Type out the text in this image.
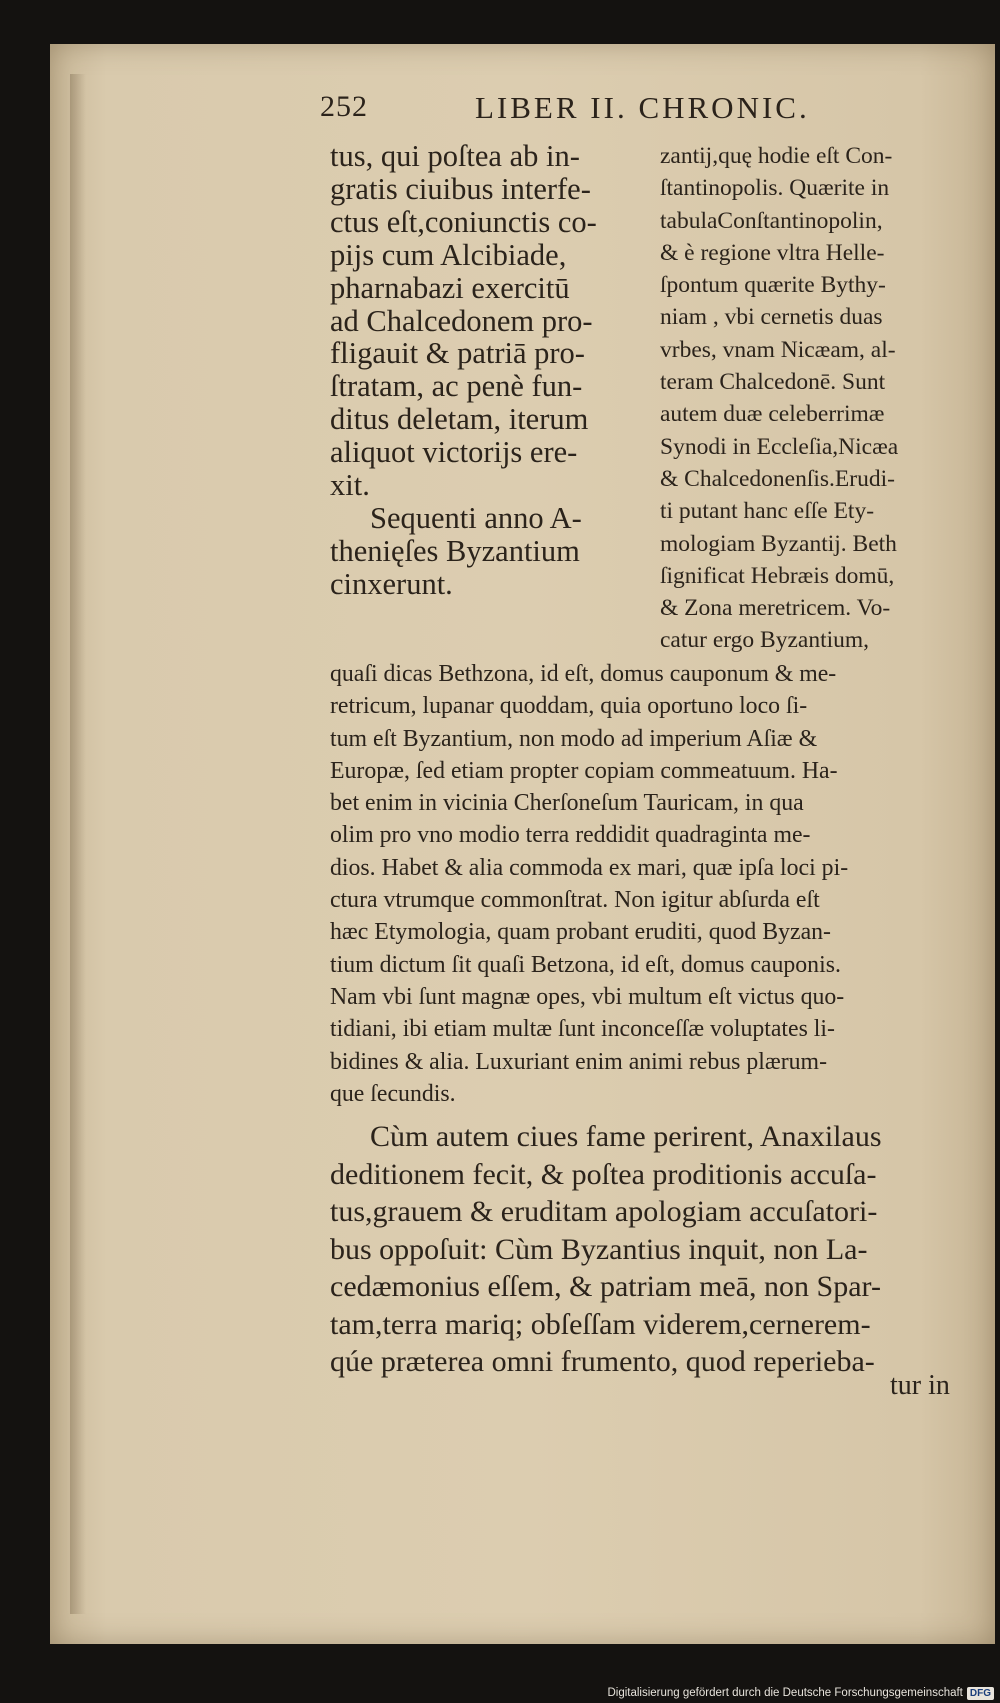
252	LIBER II. CHRONIC.
tus, qui poſtea ab in-
gratis ciuibus interfe-
ctus eſt,coniunctis co-
pijs cum Alcibiade,
pharnabazi exercitū
ad Chalcedonem pro-
fligauit & patriā pro-
ſtratam, ac penè fun-
ditus deletam, iterum
aliquot victorijs ere-
xit.
Sequenti anno A-
thenięſes Byzantium
cinxerunt.
zantij,quę hodie eſt Con-
ſtantinopolis. Quærite in
tabulaConſtantinopolin,
& è regione vltra Helle-
ſpontum quærite Bythy-
niam , vbi cernetis duas
vrbes, vnam Nicæam, al-
teram Chalcedonē. Sunt
autem duæ celeberrimæ
Synodi in Eccleſia,Nicæa
& Chalcedonenſis.Erudi-
ti putant hanc eſſe Ety-
mologiam Byzantij. Beth
ſignificat Hebræis domū,
& Zona meretricem. Vo-
catur ergo Byzantium,
quaſi dicas Bethzona, id eſt, domus cauponum & me-
retricum, lupanar quoddam, quia oportuno loco ſi-
tum eſt Byzantium, non modo ad imperium Aſiæ &
Europæ, ſed etiam propter copiam commeatuum. Ha-
bet enim in vicinia Cherſoneſum Tauricam, in qua
olim pro vno modio terra reddidit quadraginta me-
dios. Habet & alia commoda ex mari, quæ ipſa loci pi-
ctura vtrumque commonſtrat. Non igitur abſurda eſt
hæc Etymologia, quam probant eruditi, quod Byzan-
tium dictum ſit quaſi Betzona, id eſt, domus cauponis.
Nam vbi ſunt magnæ opes, vbi multum eſt victus quo-
tidiani, ibi etiam multæ ſunt inconceſſæ voluptates li-
bidines & alia. Luxuriant enim animi rebus plærum-
que ſecundis.
Cùm autem ciues fame perirent, Anaxilaus
deditionem fecit, & poſtea proditionis accuſa-
tus,grauem & eruditam apologiam accuſatori-
bus oppoſuit: Cùm Byzantius inquit, non La-
cedæmonius eſſem, & patriam meā, non Spar-
tam,terra mariq; obſeſſam viderem,cernerem-
qúe præterea omni frumento, quod reperieba-
tur in
Digitalisierung gefördert durch die Deutsche Forschungsgemeinschaft DFG
